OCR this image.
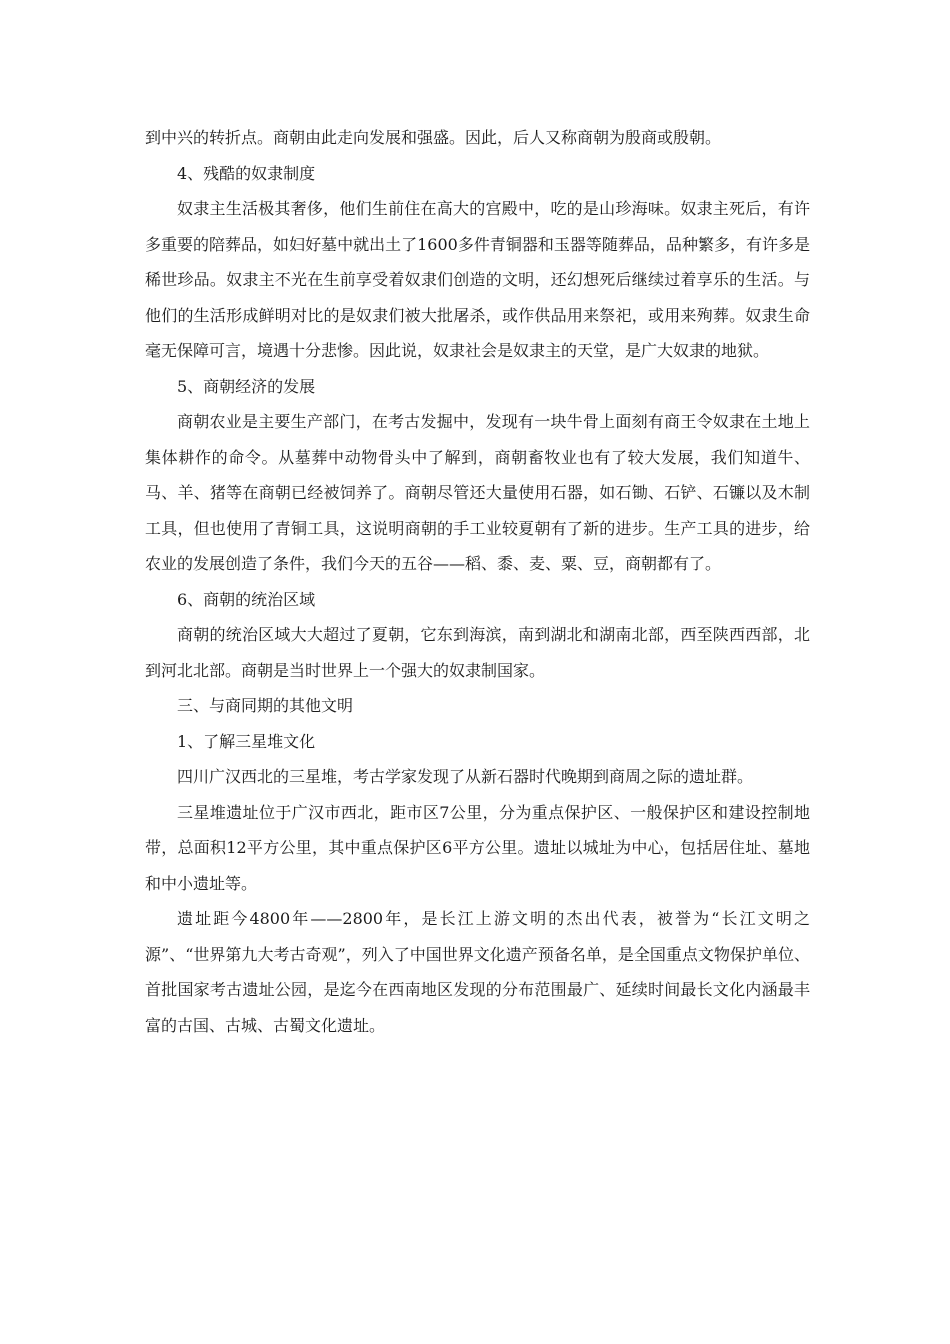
到中兴的转折点。商朝由此走向发展和强盛。因此，后人又称商朝为殷商或殷朝。

4、残酷的奴隶制度

奴隶主生活极其奢侈，他们生前住在高大的宫殿中，吃的是山珍海味。奴隶主死后，有许多重要的陪葬品，如妇好墓中就出土了1600多件青铜器和玉器等随葬品，品种繁多，有许多是稀世珍品。奴隶主不光在生前享受着奴隶们创造的文明，还幻想死后继续过着享乐的生活。与他们的生活形成鲜明对比的是奴隶们被大批屠杀，或作供品用来祭祀，或用来殉葬。奴隶生命毫无保障可言，境遇十分悲惨。因此说，奴隶社会是奴隶主的天堂，是广大奴隶的地狱。

5、商朝经济的发展

商朝农业是主要生产部门，在考古发掘中，发现有一块牛骨上面刻有商王令奴隶在土地上集体耕作的命令。从墓葬中动物骨头中了解到，商朝畜牧业也有了较大发展，我们知道牛、马、羊、猪等在商朝已经被饲养了。商朝尽管还大量使用石器，如石锄、石铲、石镰以及木制工具，但也使用了青铜工具，这说明商朝的手工业较夏朝有了新的进步。生产工具的进步，给农业的发展创造了条件，我们今天的五谷——稻、黍、麦、粟、豆，商朝都有了。

6、商朝的统治区域

商朝的统治区域大大超过了夏朝，它东到海滨，南到湖北和湖南北部，西至陕西西部，北到河北北部。商朝是当时世界上一个强大的奴隶制国家。

三、与商同期的其他文明

1、了解三星堆文化

四川广汉西北的三星堆，考古学家发现了从新石器时代晚期到商周之际的遗址群。

三星堆遗址位于广汉市西北，距市区7公里，分为重点保护区、一般保护区和建设控制地带，总面积12平方公里，其中重点保护区6平方公里。遗址以城址为中心，包括居住址、墓地和中小遗址等。

遗址距今4800年——2800年，是长江上游文明的杰出代表，被誉为“长江文明之源”、“世界第九大考古奇观”，列入了中国世界文化遗产预备名单，是全国重点文物保护单位、首批国家考古遗址公园，是迄今在西南地区发现的分布范围最广、延续时间最长文化内涵最丰富的古国、古城、古蜀文化遗址。
